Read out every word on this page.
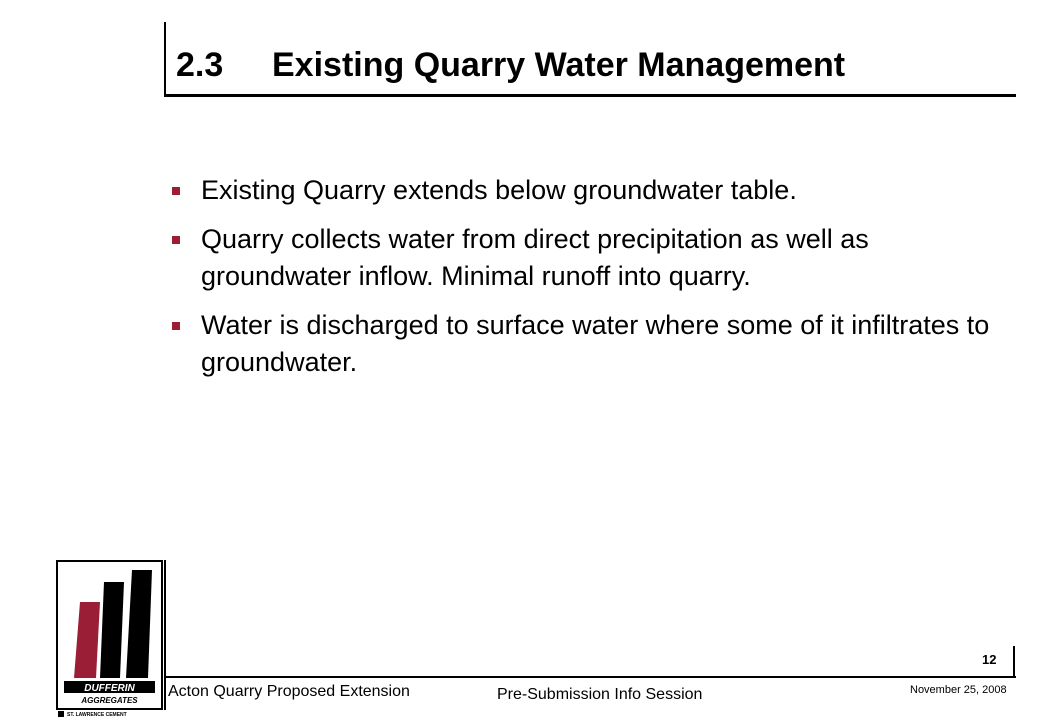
2.3 Existing Quarry Water Management
Existing Quarry extends below groundwater table.
Quarry collects water from direct precipitation as well as groundwater inflow. Minimal runoff into quarry.
Water is discharged to surface water where some of it infiltrates to groundwater.
DUFFERIN
AGGREGATES
ST. LAWRENCE CEMENT
12
Acton Quarry Proposed Extension	Pre-Submission Info Session	November 25, 2008
